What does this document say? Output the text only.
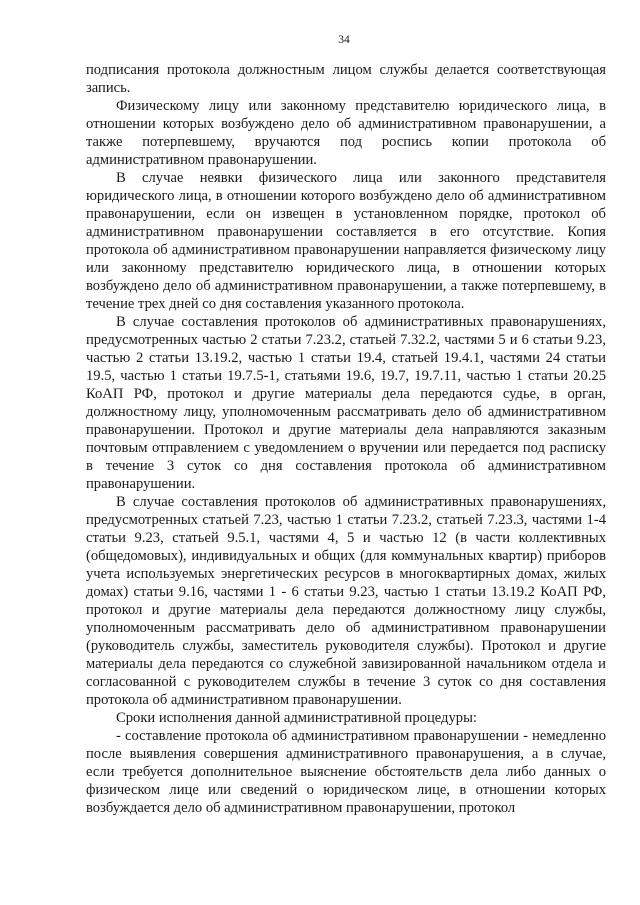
34

подписания протокола должностным лицом службы делается соответствующая запись.

Физическому лицу или законному представителю юридического лица, в отношении которых возбуждено дело об административном правонарушении, а также потерпевшему, вручаются под роспись копии протокола об административном правонарушении.

В случае неявки физического лица или законного представителя юридического лица, в отношении которого возбуждено дело об административном правонарушении, если он извещен в установленном порядке, протокол об административном правонарушении составляется в его отсутствие. Копия протокола об административном правонарушении направляется физическому лицу или законному представителю юридического лица, в отношении которых возбуждено дело об административном правонарушении, а также потерпевшему, в течение трех дней со дня составления указанного протокола.

В случае составления протоколов об административных правонарушениях, предусмотренных частью 2 статьи 7.23.2, статьей 7.32.2, частями 5 и 6 статьи 9.23, частью 2 статьи 13.19.2, частью 1 статьи 19.4, статьей 19.4.1, частями 24 статьи 19.5, частью 1 статьи 19.7.5-1, статьями 19.6, 19.7, 19.7.11, частью 1 статьи 20.25 КоАП РФ, протокол и другие материалы дела передаются судье, в орган, должностному лицу, уполномоченным рассматривать дело об административном правонарушении. Протокол и другие материалы дела направляются заказным почтовым отправлением с уведомлением о вручении или передается под расписку в течение 3 суток со дня составления протокола об административном правонарушении.

В случае составления протоколов об административных правонарушениях, предусмотренных статьей 7.23, частью 1 статьи 7.23.2, статьей 7.23.3, частями 1-4 статьи 9.23, статьей 9.5.1, частями 4, 5 и частью 12 (в части коллективных (общедомовых), индивидуальных и общих (для коммунальных квартир) приборов учета используемых энергетических ресурсов в многоквартирных домах, жилых домах) статьи 9.16, частями 1 - 6 статьи 9.23, частью 1 статьи 13.19.2 КоАП РФ, протокол и другие материалы дела передаются должностному лицу службы, уполномоченным рассматривать дело об административном правонарушении (руководитель службы, заместитель руководителя службы). Протокол и другие материалы дела передаются со служебной завизированной начальником отдела и согласованной с руководителем службы в течение 3 суток со дня составления протокола об административном правонарушении.

Сроки исполнения данной административной процедуры:

- составление протокола об административном правонарушении - немедленно после выявления совершения административного правонарушения, а в случае, если требуется дополнительное выяснение обстоятельств дела либо данных о физическом лице или сведений о юридическом лице, в отношении которых возбуждается дело об административном правонарушении, протокол
